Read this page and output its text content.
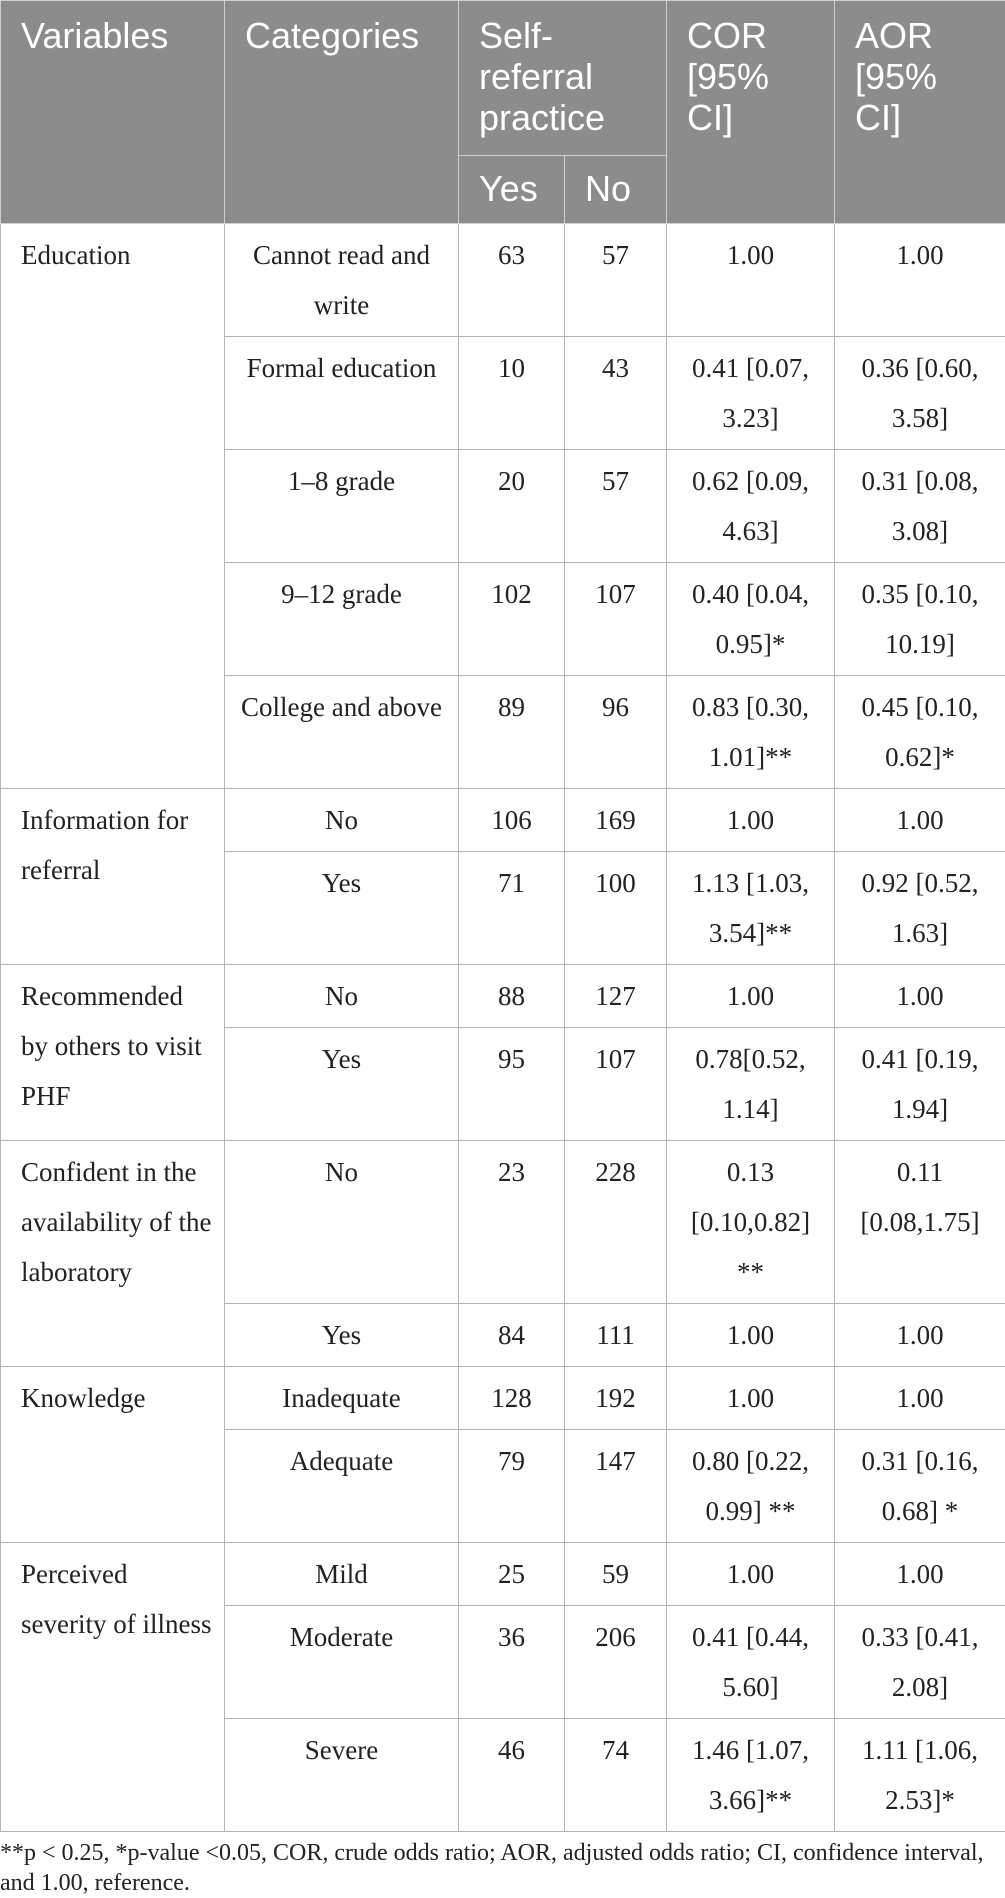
Variables	Categories	Self-referral practice		COR [95% CI]	AOR [95% CI]
		Yes	No		
Education	Cannot read and write	63	57	1.00	1.00
	Formal education	10	43	0.41 [0.07, 3.23]	0.36 [0.60, 3.58]
	1–8 grade	20	57	0.62 [0.09, 4.63]	0.31 [0.08, 3.08]
	9–12 grade	102	107	0.40 [0.04, 0.95]*	0.35 [0.10, 10.19]
	College and above	89	96	0.83 [0.30, 1.01]**	0.45 [0.10, 0.62]*
Information for referral	No	106	169	1.00	1.00
	Yes	71	100	1.13 [1.03, 3.54]**	0.92 [0.52, 1.63]
Recommended by others to visit PHF	No	88	127	1.00	1.00
	Yes	95	107	0.78[0.52, 1.14]	0.41 [0.19, 1.94]
Confident in the availability of the laboratory	No	23	228	0.13 [0.10,0.82] **	0.11 [0.08,1.75]
	Yes	84	111	1.00	1.00
Knowledge	Inadequate	128	192	1.00	1.00
	Adequate	79	147	0.80 [0.22, 0.99] **	0.31 [0.16, 0.68] *
Perceived severity of illness	Mild	25	59	1.00	1.00
	Moderate	36	206	0.41 [0.44, 5.60]	0.33 [0.41, 2.08]
	Severe	46	74	1.46 [1.07, 3.66]**	1.11 [1.06, 2.53]*
**p < 0.25, *p-value <0.05, COR, crude odds ratio; AOR, adjusted odds ratio; CI, confidence interval, and 1.00, reference.
